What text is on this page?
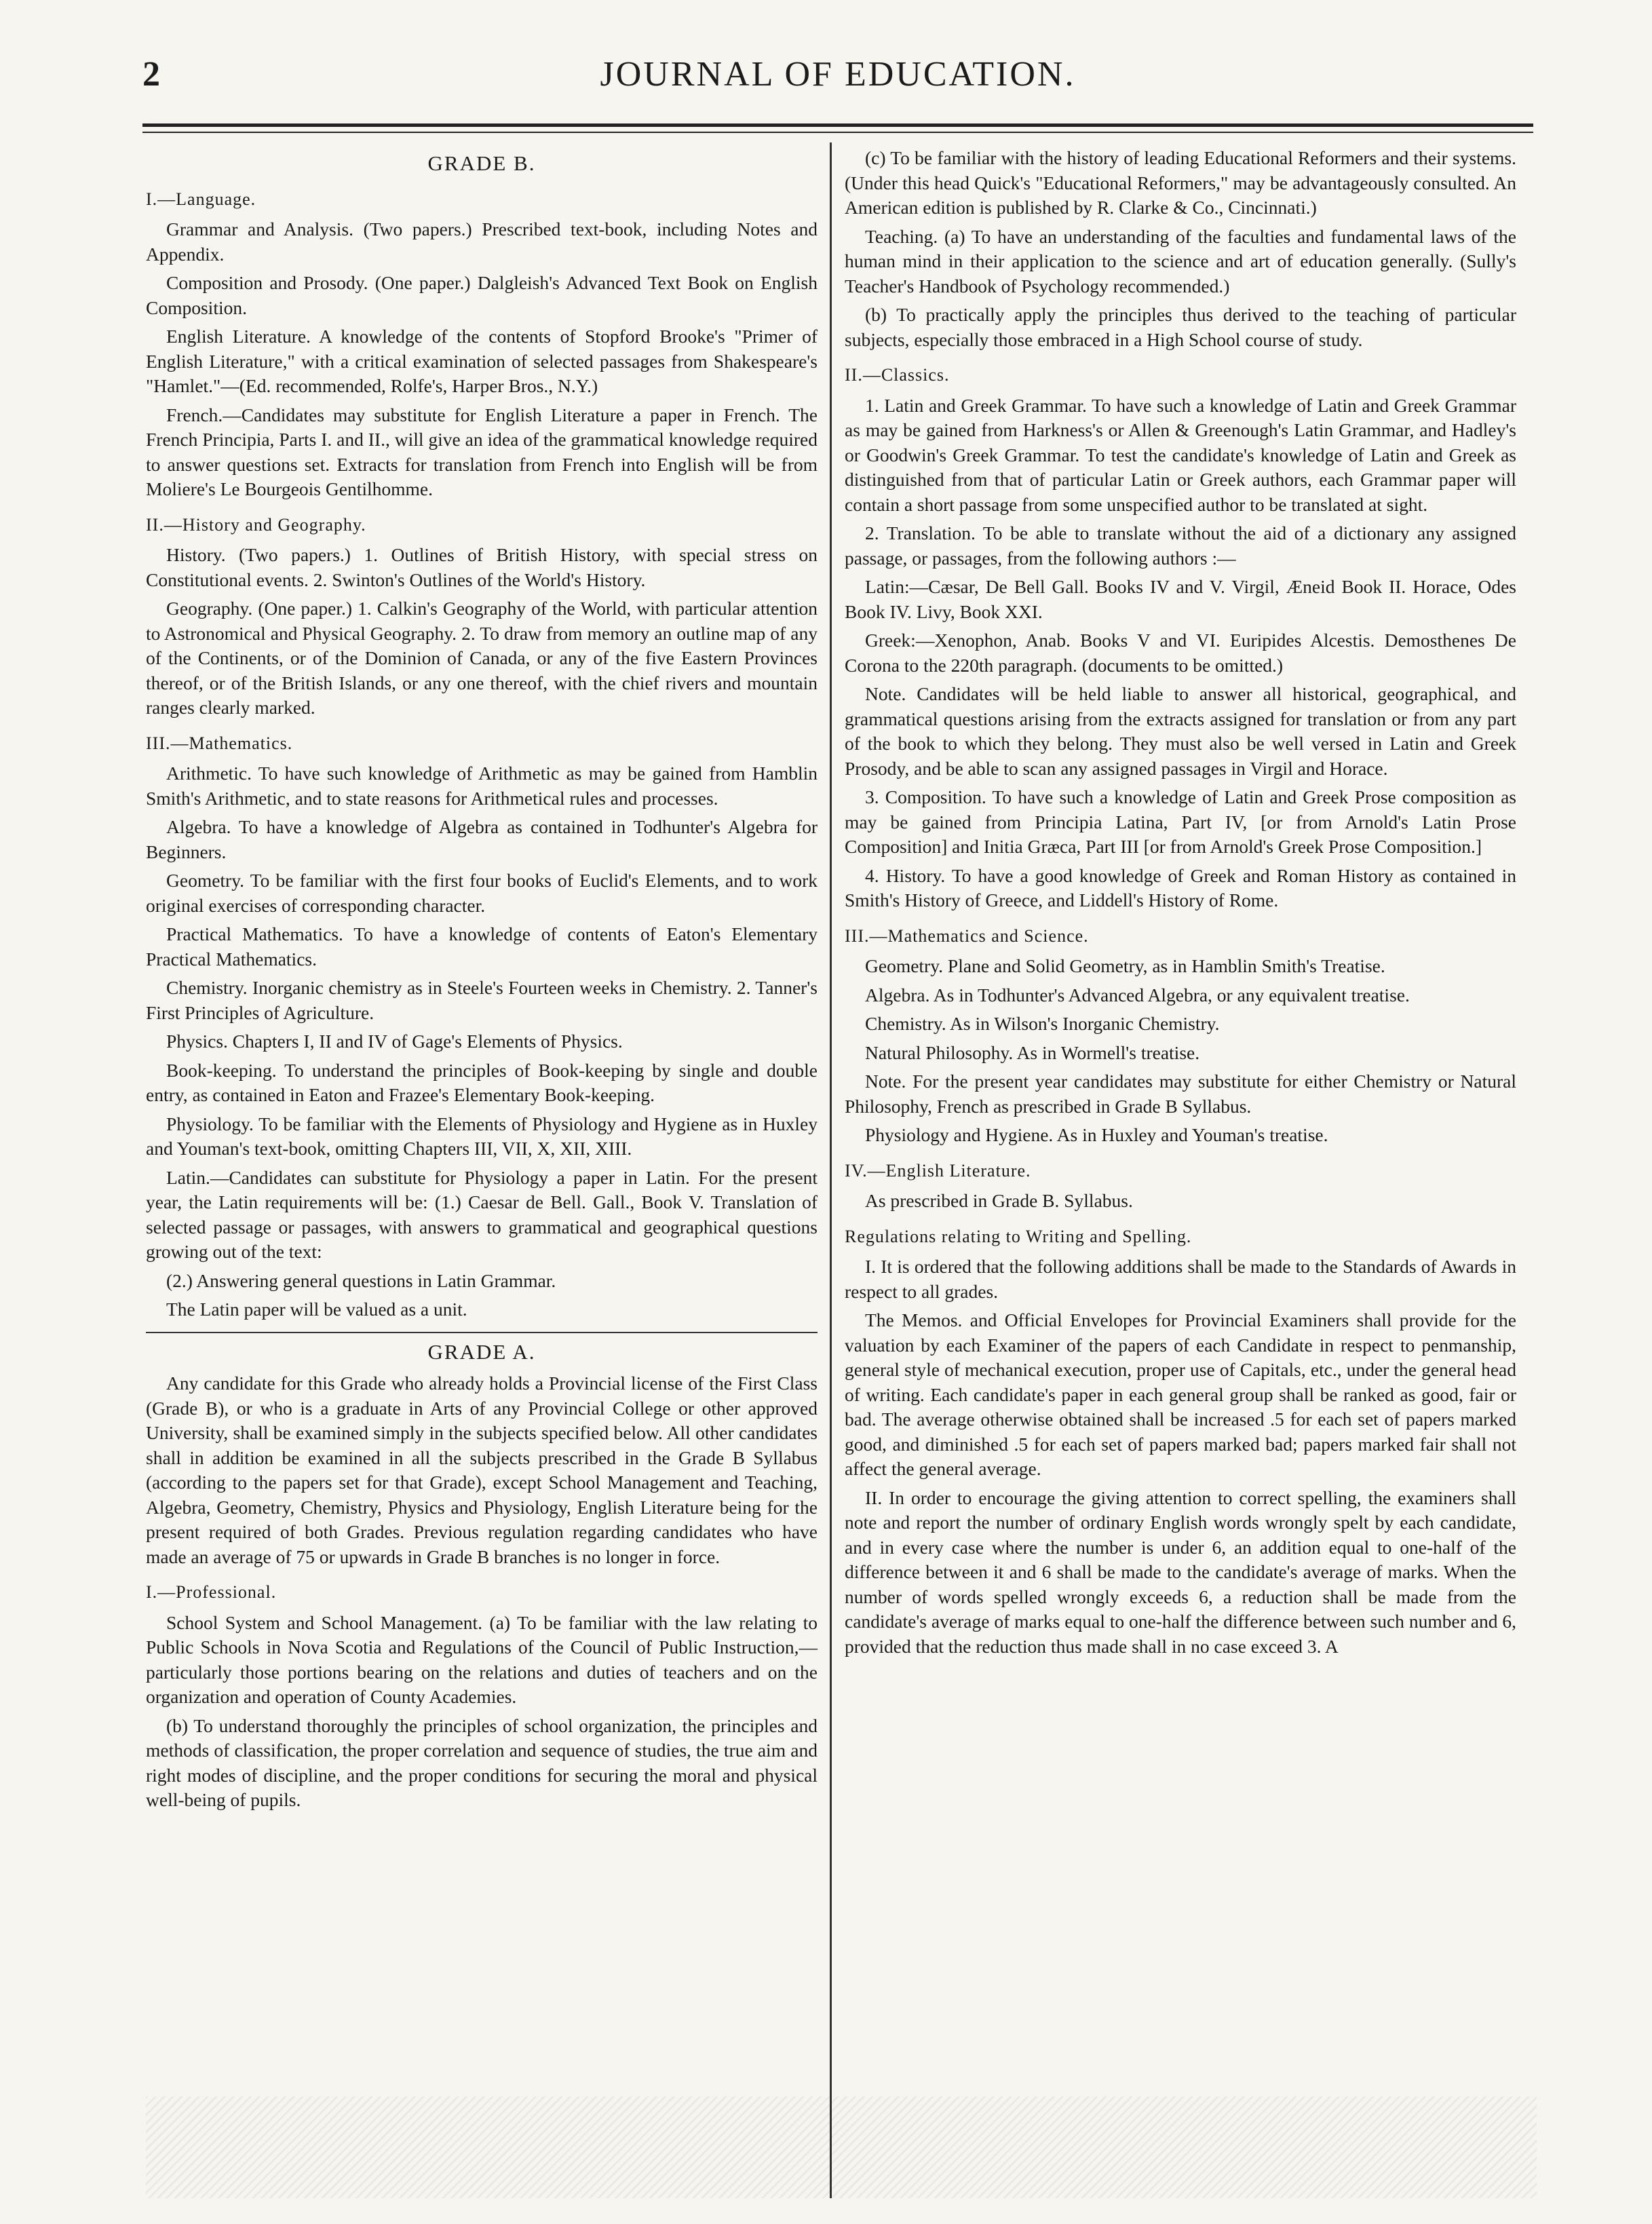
2	JOURNAL OF EDUCATION.
GRADE B.
I.—Language.

Grammar and Analysis. (Two papers.) Prescribed text-book, including Notes and Appendix.

Composition and Prosody. (One paper.) Dalgleish's Advanced Text Book on English Composition.

English Literature. A knowledge of the contents of Stopford Brooke's "Primer of English Literature," with a critical examination of selected passages from Shakespeare's "Hamlet."—(Ed. recommended, Rolfe's, Harper Bros., N.Y.)

French.—Candidates may substitute for English Literature a paper in French. The French Principia, Parts I. and II., will give an idea of the grammatical knowledge required to answer questions set. Extracts for translation from French into English will be from Moliere's Le Bourgeois Gentilhomme.

II.—History and Geography.

History. (Two papers.) 1. Outlines of British History, with special stress on Constitutional events. 2. Swinton's Outlines of the World's History.

Geography. (One paper.) 1. Calkin's Geography of the World, with particular attention to Astronomical and Physical Geography. 2. To draw from memory an outline map of any of the Continents, or of the Dominion of Canada, or any of the five Eastern Provinces thereof, or of the British Islands, or any one thereof, with the chief rivers and mountain ranges clearly marked.

III.—Mathematics.

Arithmetic. To have such knowledge of Arithmetic as may be gained from Hamblin Smith's Arithmetic, and to state reasons for Arithmetical rules and processes.

Algebra. To have a knowledge of Algebra as contained in Todhunter's Algebra for Beginners.

Geometry. To be familiar with the first four books of Euclid's Elements, and to work original exercises of corresponding character.

Practical Mathematics. To have a knowledge of contents of Eaton's Elementary Practical Mathematics.

Chemistry. Inorganic chemistry as in Steele's Fourteen weeks in Chemistry. 2. Tanner's First Principles of Agriculture.

Physics. Chapters I, II and IV of Gage's Elements of Physics.

Book-keeping. To understand the principles of Book-keeping by single and double entry, as contained in Eaton and Frazee's Elementary Book-keeping.

Physiology. To be familiar with the Elements of Physiology and Hygiene as in Huxley and Youman's text-book, omitting Chapters III, VII, X, XII, XIII.

Latin.—Candidates can substitute for Physiology a paper in Latin. For the present year, the Latin requirements will be: (1.) Caesar de Bell. Gall., Book V. Translation of selected passage or passages, with answers to grammatical and geographical questions growing out of the text:

(2.) Answering general questions in Latin Grammar.

The Latin paper will be valued as a unit.

GRADE A.

Any candidate for this Grade who already holds a Provincial license of the First Class (Grade B), or who is a graduate in Arts of any Provincial College or other approved University, shall be examined simply in the subjects specified below. All other candidates shall in addition be examined in all the subjects prescribed in the Grade B Syllabus (according to the papers set for that Grade), except School Management and Teaching, Algebra, Geometry, Chemistry, Physics and Physiology, English Literature being for the present required of both Grades. Previous regulation regarding candidates who have made an average of 75 or upwards in Grade B branches is no longer in force.

I.—Professional.

School System and School Management. (a) To be familiar with the law relating to Public Schools in Nova Scotia and Regulations of the Council of Public Instruction,—particularly those portions bearing on the relations and duties of teachers and on the organization and operation of County Academies.

(b) To understand thoroughly the principles of school organization, the principles and methods of classification, the proper correlation and sequence of studies, the true aim and right modes of discipline, and the proper conditions for securing the moral and physical well-being of pupils.

(c) To be familiar with the history of leading Educational Reformers and their systems. (Under this head Quick's "Educational Reformers," may be advantageously consulted. An American edition is published by R. Clarke & Co., Cincinnati.)

Teaching. (a) To have an understanding of the faculties and fundamental laws of the human mind in their application to the science and art of education generally. (Sully's Teacher's Handbook of Psychology recommended.)

(b) To practically apply the principles thus derived to the teaching of particular subjects, especially those embraced in a High School course of study.

II.—Classics.

1. Latin and Greek Grammar. To have such a knowledge of Latin and Greek Grammar as may be gained from Harkness's or Allen & Greenough's Latin Grammar, and Hadley's or Goodwin's Greek Grammar. To test the candidate's knowledge of Latin and Greek as distinguished from that of particular Latin or Greek authors, each Grammar paper will contain a short passage from some unspecified author to be translated at sight.

2. Translation. To be able to translate without the aid of a dictionary any assigned passage, or passages, from the following authors :—

Latin:—Cæsar, De Bell Gall. Books IV and V. Virgil, Æneid Book II. Horace, Odes Book IV. Livy, Book XXI.

Greek:—Xenophon, Anab. Books V and VI. Euripides Alcestis. Demosthenes De Corona to the 220th paragraph. (documents to be omitted.)

Note. Candidates will be held liable to answer all historical, geographical, and grammatical questions arising from the extracts assigned for translation or from any part of the book to which they belong. They must also be well versed in Latin and Greek Prosody, and be able to scan any assigned passages in Virgil and Horace.

3. Composition. To have such a knowledge of Latin and Greek Prose composition as may be gained from Principia Latina, Part IV, [or from Arnold's Latin Prose Composition] and Initia Græca, Part III [or from Arnold's Greek Prose Composition.]

4. History. To have a good knowledge of Greek and Roman History as contained in Smith's History of Greece, and Liddell's History of Rome.

III.—Mathematics and Science.

Geometry. Plane and Solid Geometry, as in Hamblin Smith's Treatise.

Algebra. As in Todhunter's Advanced Algebra, or any equivalent treatise.

Chemistry. As in Wilson's Inorganic Chemistry.

Natural Philosophy. As in Wormell's treatise.

Note. For the present year candidates may substitute for either Chemistry or Natural Philosophy, French as prescribed in Grade B Syllabus.

Physiology and Hygiene. As in Huxley and Youman's treatise.

IV.—English Literature.

As prescribed in Grade B. Syllabus.

Regulations relating to Writing and Spelling.

I. It is ordered that the following additions shall be made to the Standards of Awards in respect to all grades.

The Memos. and Official Envelopes for Provincial Examiners shall provide for the valuation by each Examiner of the papers of each Candidate in respect to penmanship, general style of mechanical execution, proper use of Capitals, etc., under the general head of writing. Each candidate's paper in each general group shall be ranked as good, fair or bad. The average otherwise obtained shall be increased .5 for each set of papers marked good, and diminished .5 for each set of papers marked bad; papers marked fair shall not affect the general average.

II. In order to encourage the giving attention to correct spelling, the examiners shall note and report the number of ordinary English words wrongly spelt by each candidate, and in every case where the number is under 6, an addition equal to one-half of the difference between it and 6 shall be made to the candidate's average of marks. When the number of words spelled wrongly exceeds 6, a reduction shall be made from the candidate's average of marks equal to one-half the difference between such number and 6, provided that the reduction thus made shall in no case exceed 3. A
